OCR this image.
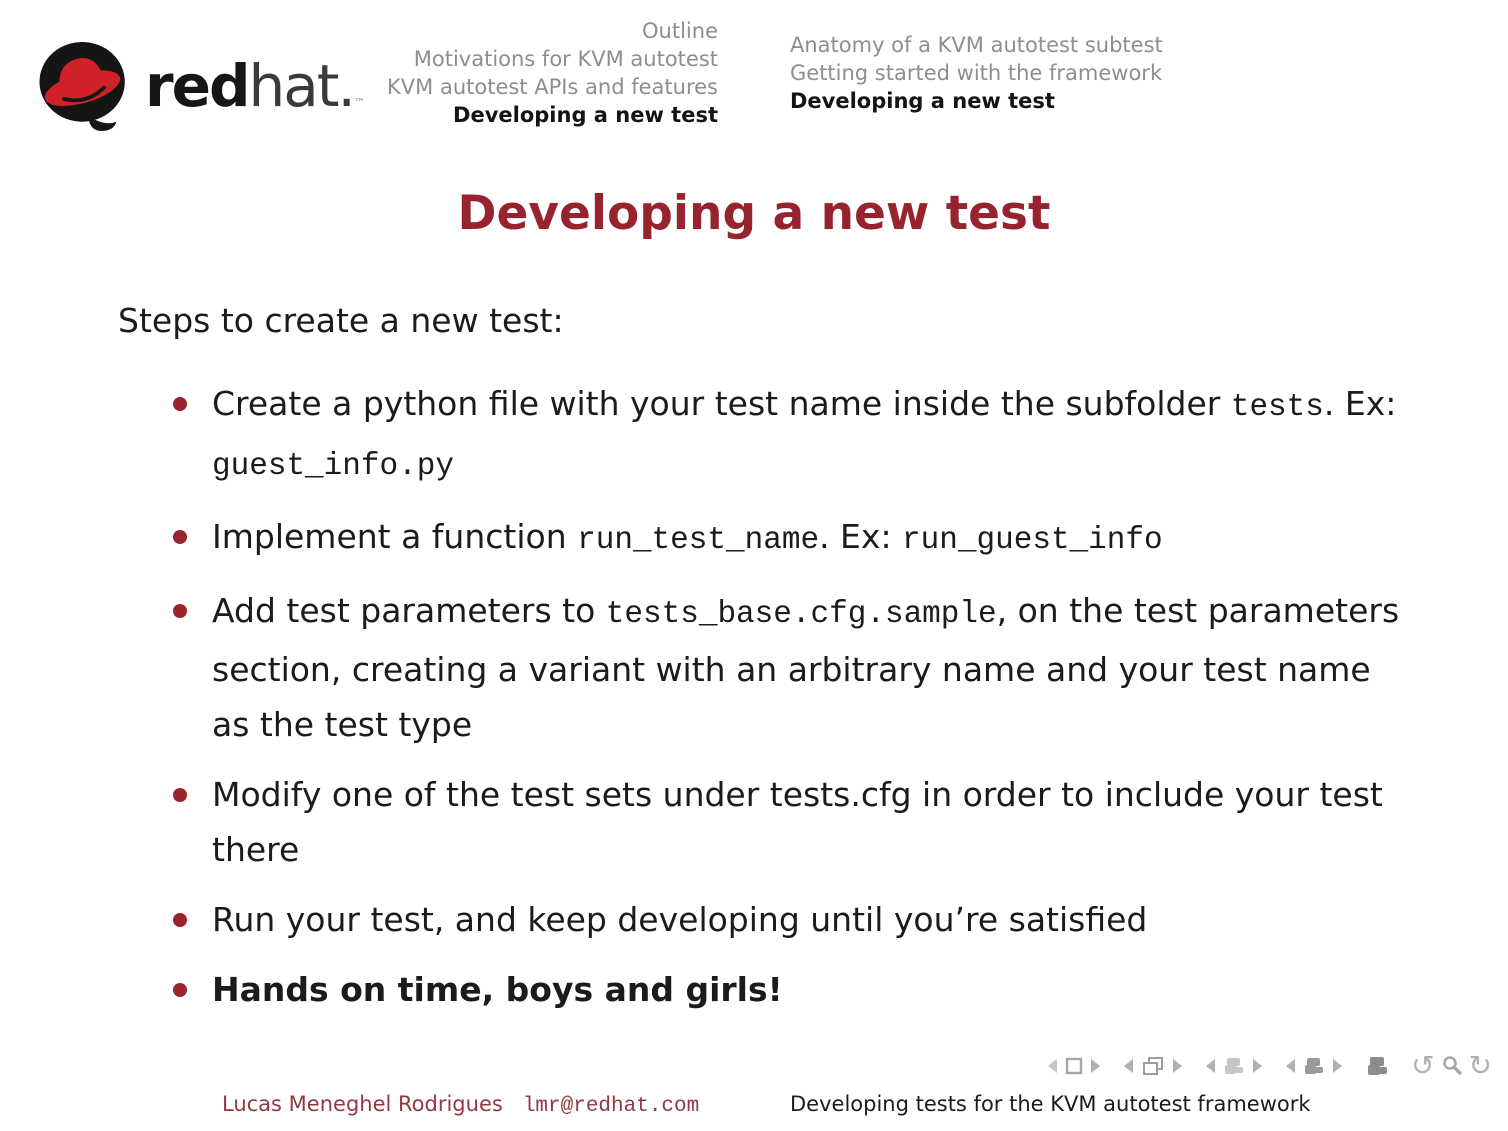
redhat.™
Outline
Motivations for KVM autotest
KVM autotest APIs and features
Developing a new test
Anatomy of a KVM autotest subtest
Getting started with the framework
Developing a new test
Developing a new test
Steps to create a new test:
Create a python file with your test name inside the subfolder tests. Ex: guest_info.py
Implement a function run_test_name. Ex: run_guest_info
Add test parameters to tests_base.cfg.sample, on the test parameters section, creating a variant with an arbitrary name and your test name as the test type
Modify one of the test sets under tests.cfg in order to include your test there
Run your test, and keep developing until you’re satisfied
Hands on time, boys and girls!
↺ ↻
Lucas Meneghel Rodrigues lmr@redhat.com	Developing tests for the KVM autotest framework
